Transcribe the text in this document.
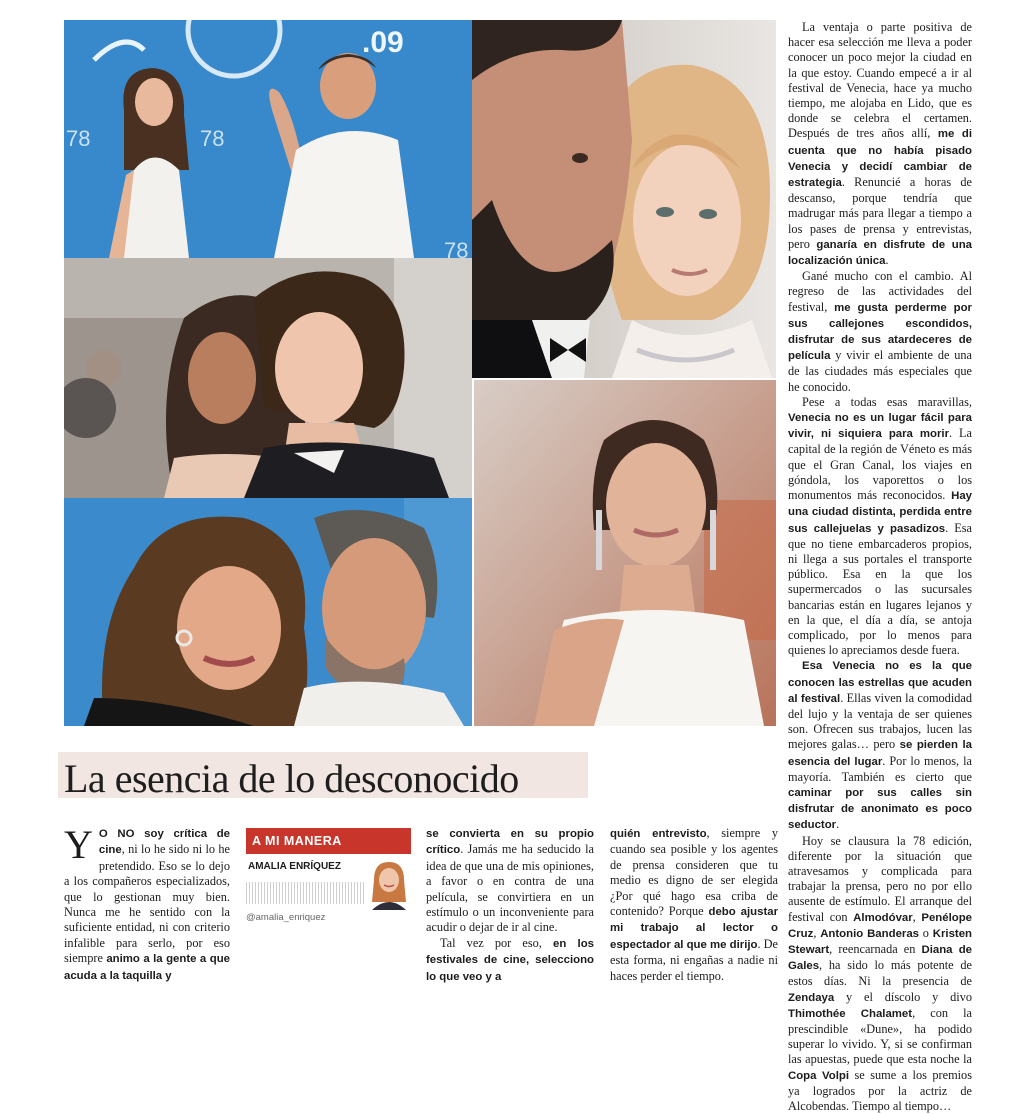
.09
78	78
78

La ventaja o parte positiva de hacer esa selección me lleva a poder conocer un poco mejor la ciudad en la que estoy. Cuando empecé a ir al festival de Venecia, hace ya mucho tiempo, me alojaba en Lido, que es donde se celebra el certamen. Después de tres años allí, me di cuenta que no había pisado Venecia y decidí cambiar de estrategia. Renuncié a horas de descanso, porque tendría que madrugar más para llegar a tiempo a los pases de prensa y entrevistas, pero ganaría en disfrute de una localización única.

Gané mucho con el cambio. Al regreso de las actividades del festival, me gusta perderme por sus callejones escondidos, disfrutar de sus atardeceres de película y vivir el ambiente de una de las ciudades más especiales que he conocido.

Pese a todas esas maravillas, Venecia no es un lugar fácil para vivir, ni siquiera para morir. La capital de la región de Véneto es más que el Gran Canal, los viajes en góndola, los vaporettos o los monumentos más reconocidos. Hay una ciudad distinta, perdida entre sus callejuelas y pasadizos. Esa que no tiene embarcaderos propios, ni llega a sus portales el transporte público. Esa en la que los supermercados o las sucursales bancarias están en lugares lejanos y en la que, el día a día, se antoja complicado, por lo menos para quienes lo apreciamos desde fuera.

Esa Venecia no es la que conocen las estrellas que acuden al festival. Ellas viven la comodidad del lujo y la ventaja de ser quienes son. Ofrecen sus trabajos, lucen las mejores galas… pero se pierden la esencia del lugar. Por lo menos, la mayoría. También es cierto que caminar por sus calles sin disfrutar de anonimato es poco seductor.

Hoy se clausura la 78 edición, diferente por la situación que atravesamos y complicada para trabajar la prensa, pero no por ello ausente de estímulo. El arranque del festival con Almodóvar, Penélope Cruz, Antonio Banderas o Kristen Stewart, reencarnada en Diana de Gales, ha sido lo más potente de estos días. Ni la presencia de Zendaya y el díscolo y divo Thimothée Chalamet, con la prescindible «Dune», ha podido superar lo vivido. Y, si se confirman las apuestas, puede que esta noche la Copa Volpi se sume a los premios ya logrados por la actriz de Alcobendas. Tiempo al tiempo…

La esencia de lo desconocido

Y O NO soy crítica de cine, ni lo he sido ni lo he pretendido. Eso se lo dejo a los compañeros especializados, que lo gestionan muy bien. Nunca me he sentido con la suficiente entidad, ni con criterio infalible para serlo, por eso siempre animo a la gente a que acuda a la taquilla y

A MI MANERA
AMALIA ENRÍQUEZ
@amalia_enriquez

se convierta en su propio crítico. Jamás me ha seducido la idea de que una de mis opiniones, a favor o en contra de una película, se convirtiera en un estímulo o un inconveniente para acudir o dejar de ir al cine.

Tal vez por eso, en los festivales de cine, selecciono lo que veo y a

quién entrevisto, siempre y cuando sea posible y los agentes de prensa consideren que tu medio es digno de ser elegida ¿Por qué hago esa criba de contenido? Porque debo ajustar mi trabajo al lector o espectador al que me dirijo. De esta forma, ni engañas a nadie ni haces perder el tiempo.
